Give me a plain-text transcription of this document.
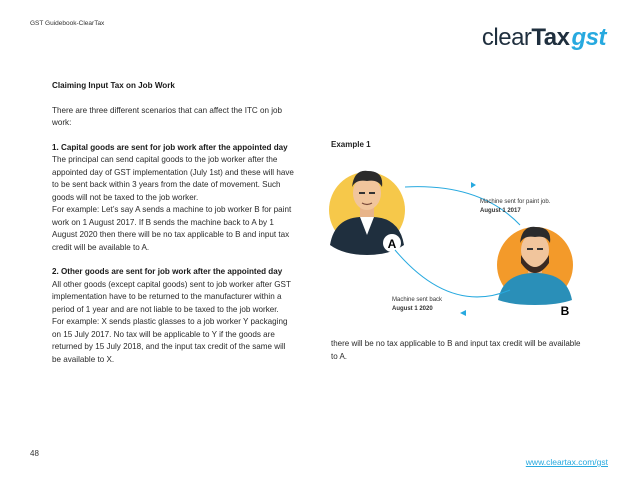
GST Guidebook-ClearTax
clearTaxgst

Claiming Input Tax on Job Work

There are three different scenarios that can affect the ITC on job work:

1. Capital goods are sent for job work after the appointed day

The principal can send capital goods to the job worker after the appointed day of GST implementation (July 1st) and these will have to be sent back within 3 years from the date of movement. Such goods will not be taxed to the job worker.

For example: Let’s say A sends a machine to job worker B for paint work on 1 August 2017. If B sends the machine back to A by 1 August 2020 then there will be no tax applicable to B and input tax credit will be available to A.

2. Other goods are sent for job work after the appointed day

All other goods (except capital goods) sent to job worker after GST implementation have to be returned to the manufacturer within a period of 1 year and are not liable to be taxed to the job worker.

For example: X sends plastic glasses to a job worker Y packaging on 15 July 2017. No tax will be applicable to Y if the goods are returned by 15 July 2018, and the input tax credit of the same will be available to X.

Example 1
A
B
Machine sent for paint job.
August 1 2017
Machine sent back
August 1 2020
there will be no tax applicable to B and input tax credit will be available to A.
48
www.cleartax.com/gst
